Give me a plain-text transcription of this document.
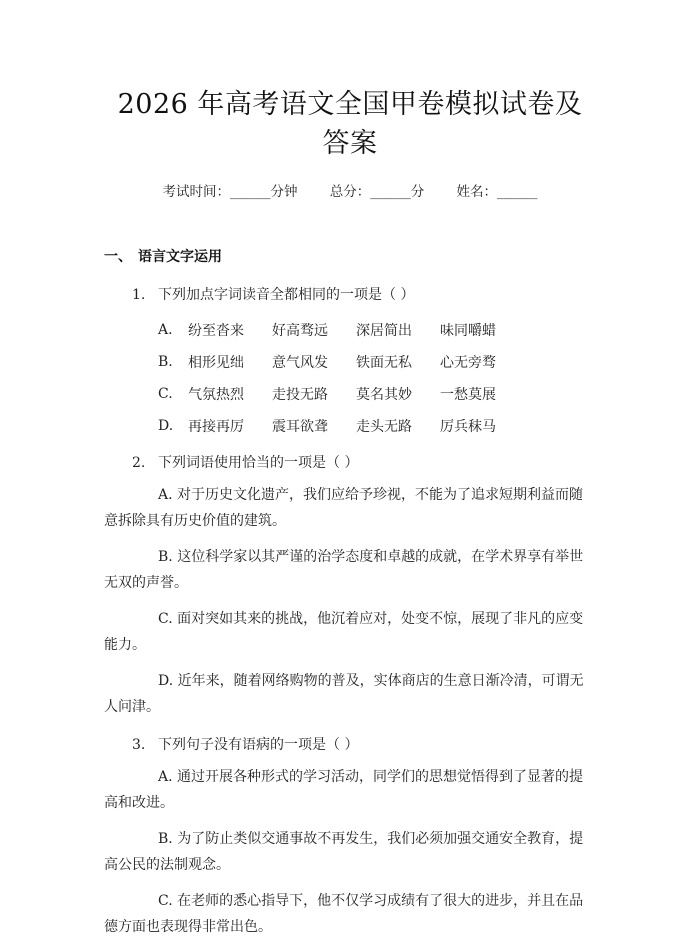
2026 年高考语文全国甲卷模拟试卷及答案
考试时间：______分钟 总分：______分 姓名：______
一、 语言文字运用
1. 下列加点字词读音全都相同的一项是（ ）
A.	纷至沓来	好高骛远	深居简出	味同嚼蜡
B.	相形见绌	意气风发	铁面无私	心无旁骛
C.	气氛热烈	走投无路	莫名其妙	一愁莫展
D.	再接再厉	震耳欲聋	走头无路	厉兵秣马
2. 下列词语使用恰当的一项是（ ）

A. 对于历史文化遗产，我们应给予珍视，不能为了追求短期利益而随意拆除具有历史价值的建筑。

B. 这位科学家以其严谨的治学态度和卓越的成就，在学术界享有举世无双的声誉。

C. 面对突如其来的挑战，他沉着应对，处变不惊，展现了非凡的应变能力。

D. 近年来，随着网络购物的普及，实体商店的生意日渐冷清，可谓无人问津。

3. 下列句子没有语病的一项是（ ）

A. 通过开展各种形式的学习活动，同学们的思想觉悟得到了显著的提高和改进。

B. 为了防止类似交通事故不再发生，我们必须加强交通安全教育，提高公民的法制观念。

C. 在老师的悉心指导下，他不仅学习成绩有了很大的进步，并且在品德方面也表现得非常出色。
